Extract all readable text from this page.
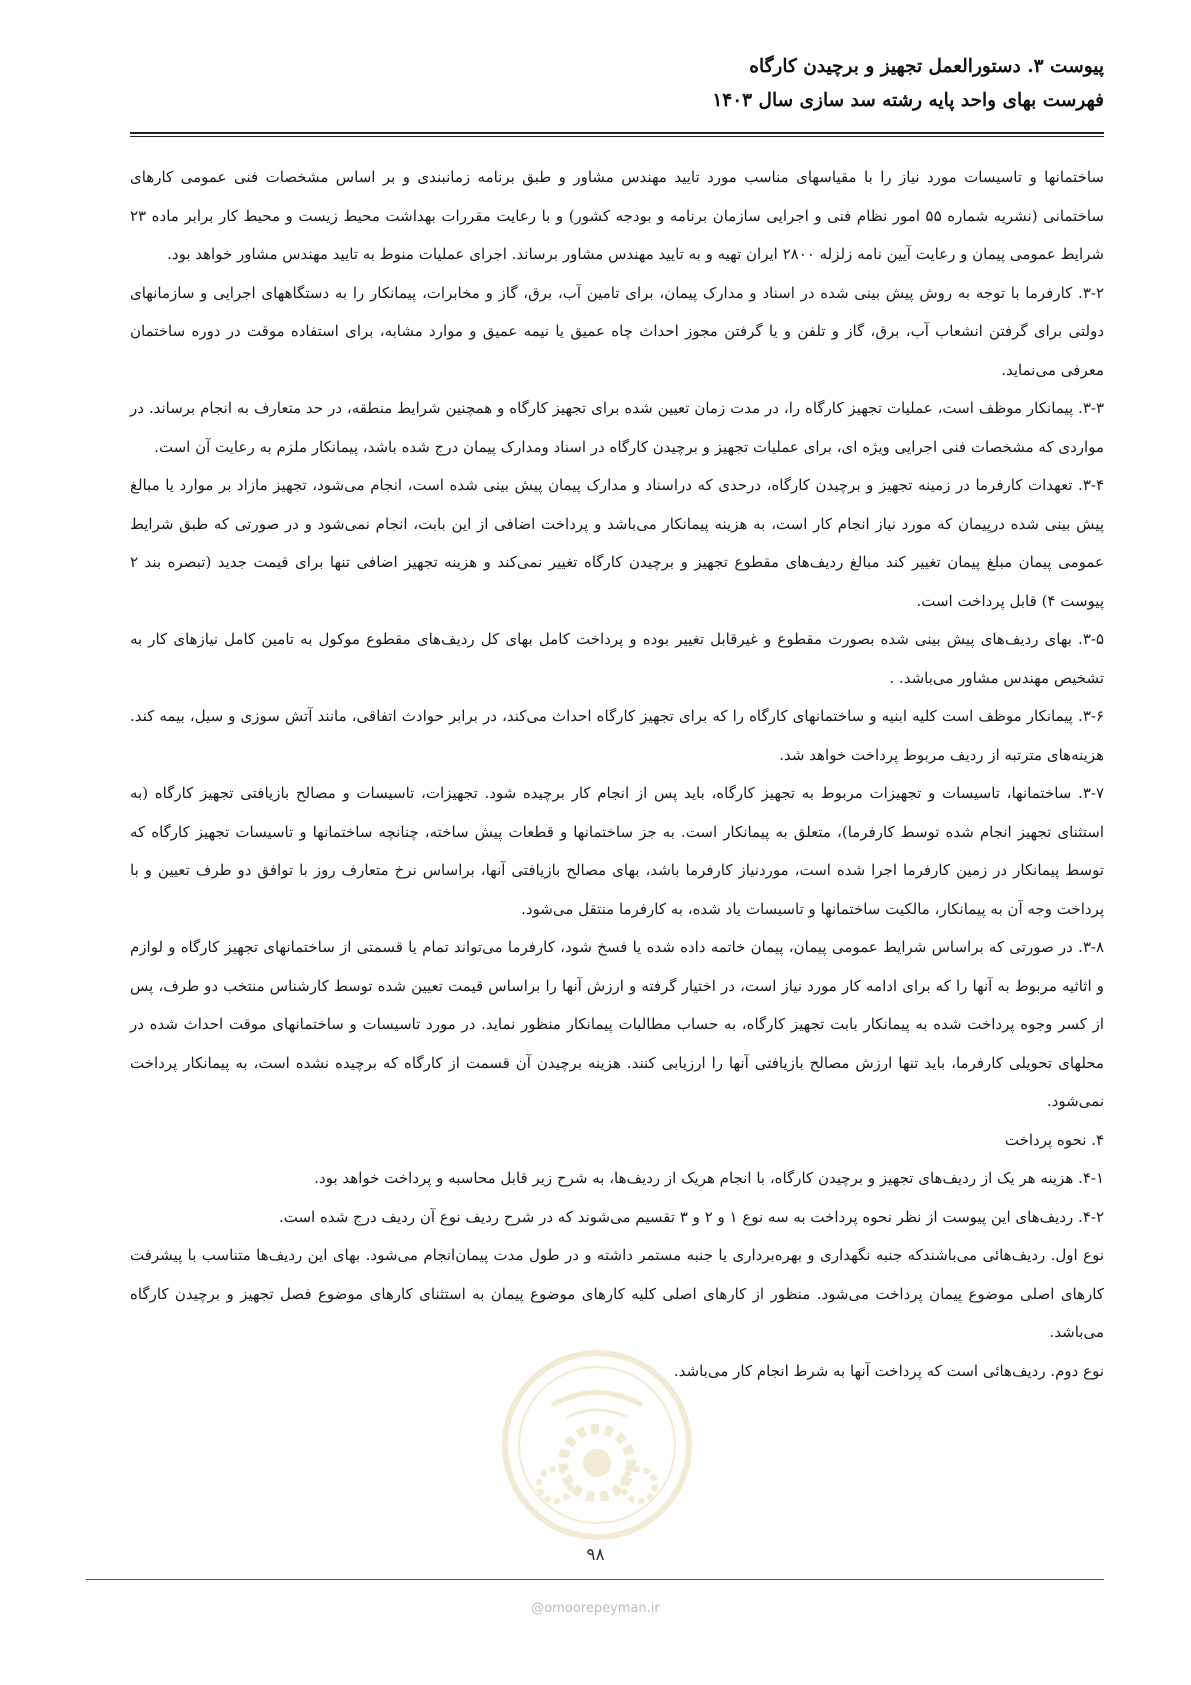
پیوست ۳. دستورالعمل تجهیز و برچیدن کارگاه
فهرست بهای واحد پایه رشته سد سازی سال ۱۴۰۳

ساختمانها و تاسیسات مورد نیاز را با مقیاسهای مناسب مورد تایید مهندس مشاور و طبق برنامه زمانبندی و بر اساس مشخصات فنی عمومی کارهای ساختمانی (نشریه شماره ۵۵ امور نظام فنی و اجرایی سازمان برنامه و بودجه کشور) و با رعایت مقررات بهداشت محیط زیست و محیط کار برابر ماده ۲۳ شرایط عمومی پیمان و رعایت آیین نامه زلزله ۲۸۰۰ ایران تهیه و به تایید مهندس مشاور برساند. اجرای عملیات منوط به تایید مهندس مشاور خواهد بود.

۳-۲. کارفرما با توجه به روش پیش بینی شده در اسناد و مدارک پیمان، برای تامین آب، برق، گاز و مخابرات، پیمانکار را به دستگاههای اجرایی و سازمانهای دولتی برای گرفتن انشعاب آب، برق، گاز و تلفن و یا گرفتن مجوز احداث چاه عمیق یا نیمه عمیق و موارد مشابه، برای استفاده موقت در دوره ساختمان معرفی می‌نماید.

۳-۳. پیمانکار موظف است، عملیات تجهیز کارگاه را، در مدت زمان تعیین شده برای تجهیز کارگاه و همچنین شرایط منطقه، در حد متعارف به انجام برساند. در مواردی که مشخصات فنی اجرایی ویژه ای، برای عملیات تجهیز و برچیدن کارگاه در اسناد ومدارک پیمان درج شده باشد، پیمانکار ملزم به رعایت آن است.

۳-۴. تعهدات کارفرما در زمینه تجهیز و برچیدن کارگاه، درحدی که دراسناد و مدارک پیمان پیش بینی شده است، انجام می‌شود، تجهیز مازاد بر موارد یا مبالغ پیش بینی شده درپیمان که مورد نیاز انجام کار است، به هزینه پیمانکار می‌باشد و پرداخت اضافی از این بابت، انجام نمی‌شود و در صورتی که طبق شرایط عمومی پیمان مبلغ پیمان تغییر کند مبالغ ردیف‌های مقطوع تجهیز و برچیدن کارگاه تغییر نمی‌کند و هزینه تجهیز اضافی تنها برای قیمت جدید (تبصره بند ۲ پیوست ۴) قابل پرداخت است.

۳-۵. بهای ردیف‌های پیش بینی شده بصورت مقطوع و غیرقابل تغییر بوده و پرداخت کامل بهای کل ردیف‌های مقطوع موکول به تامین کامل نیازهای کار به تشخیص مهندس مشاور می‌باشد. .

۳-۶. پیمانکار موظف است کلیه ابنیه و ساختمانهای کارگاه را که برای تجهیز کارگاه احداث می‌کند، در برابر حوادث اتفاقی، مانند آتش سوزی و سیل، بیمه کند. هزینه‌های مترتبه از ردیف مربوط پرداخت خواهد شد.

۳-۷. ساختمانها، تاسیسات و تجهیزات مربوط به تجهیز کارگاه، باید پس از انجام کار برچیده شود. تجهیزات، تاسیسات و مصالح بازیافتی تجهیز کارگاه (به استثنای تجهیز انجام شده توسط کارفرما)، متعلق به پیمانکار است. به جز ساختمانها و قطعات پیش ساخته، چنانچه ساختمانها و تاسیسات تجهیز کارگاه که توسط پیمانکار در زمین کارفرما اجرا شده است، موردنیاز کارفرما باشد، بهای مصالح بازیافتی آنها، براساس نرخ متعارف روز با توافق دو طرف تعیین و با پرداخت وجه آن به پیمانکار، مالکیت ساختمانها و تاسیسات یاد شده، به کارفرما منتقل می‌شود.

۳-۸. در صورتی که براساس شرایط عمومی پیمان، پیمان خاتمه داده شده یا فسخ شود، کارفرما می‌تواند تمام یا قسمتی از ساختمانهای تجهیز کارگاه و لوازم و اثاثیه مربوط به آنها را که برای ادامه کار مورد نیاز است، در اختیار گرفته و ارزش آنها را براساس قیمت تعیین شده توسط کارشناس منتخب دو طرف، پس از کسر وجوه پرداخت شده به پیمانکار بابت تجهیز کارگاه، به حساب مطالبات پیمانکار منظور نماید. در مورد تاسیسات و ساختمانهای موقت احداث شده در محلهای تحویلی کارفرما، باید تنها ارزش مصالح بازیافتی آنها را ارزیابی کنند. هزینه برچیدن آن قسمت از کارگاه که برچیده نشده است، به پیمانکار پرداخت نمی‌شود.

۴. نحوه پرداخت

۴-۱. هزینه هر یک از ردیف‌های تجهیز و برچیدن کارگاه، با انجام هریک از ردیف‌ها، به شرح زیر قابل محاسبه و پرداخت خواهد بود.

۴-۲. ردیف‌های این پیوست از نظر نحوه پرداخت به سه نوع ۱ و ۲ و ۳ تقسیم می‌شوند که در شرح ردیف نوع آن ردیف درج شده است.

نوع اول. ردیف‌هائی می‌باشندکه جنبه نگهداری و بهره‌برداری یا جنبه مستمر داشته و در طول مدت پیمان‌انجام می‌شود. بهای این ردیف‌ها متناسب با پیشرفت کارهای اصلی موضوع پیمان پرداخت می‌شود. منظور از کارهای اصلی کلیه کارهای موضوع پیمان به استثنای کارهای موضوع فصل تجهیز و برچیدن کارگاه می‌باشد.

نوع دوم. ردیف‌هائی است که پرداخت آنها به شرط انجام کار می‌باشد.

۹۸
@omoorepeyman.ir
